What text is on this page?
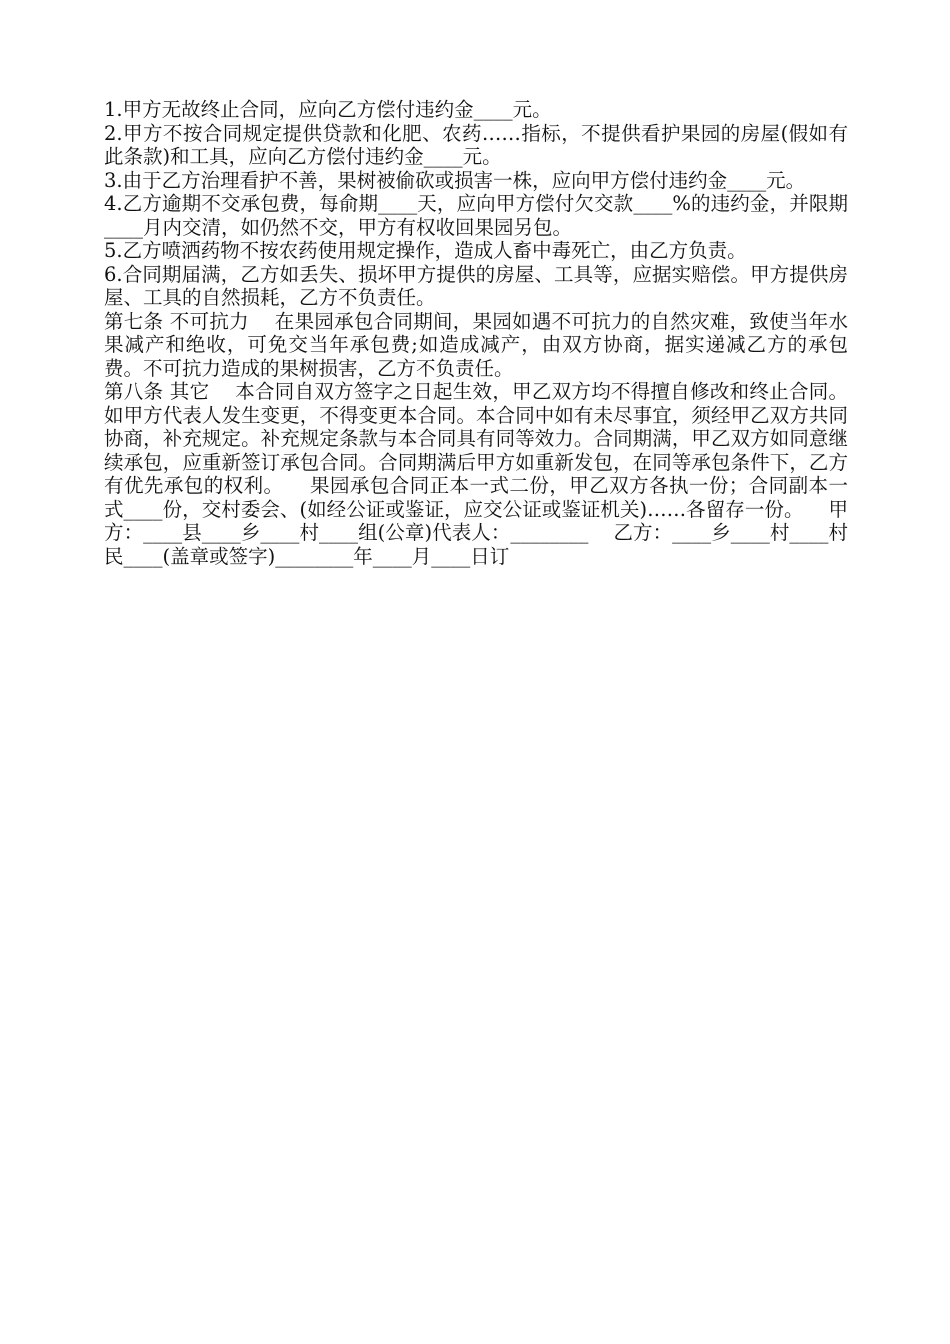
1.甲方无故终止合同，应向乙方偿付违约金____元。

2.甲方不按合同规定提供贷款和化肥、农药……指标，不提供看护果园的房屋(假如有此条款)和工具，应向乙方偿付违约金____元。

3.由于乙方治理看护不善，果树被偷砍或损害一株，应向甲方偿付违约金____元。

4.乙方逾期不交承包费，每俞期____天，应向甲方偿付欠交款____%的违约金，并限期____月内交清，如仍然不交，甲方有权收回果园另包。

5.乙方喷洒药物不按农药使用规定操作，造成人畜中毒死亡，由乙方负责。

6.合同期届满，乙方如丢失、损坏甲方提供的房屋、工具等，应据实赔偿。甲方提供房屋、工具的自然损耗，乙方不负责任。

第七条 不可抗力    在果园承包合同期间，果园如遇不可抗力的自然灾难，致使当年水果减产和绝收，可免交当年承包费;如造成减产，由双方协商，据实递减乙方的承包费。不可抗力造成的果树损害，乙方不负责任。

第八条 其它    本合同自双方签字之日起生效，甲乙双方均不得擅自修改和终止合同。如甲方代表人发生变更，不得变更本合同。本合同中如有未尽事宜，须经甲乙双方共同协商，补充规定。补充规定条款与本合同具有同等效力。合同期满，甲乙双方如同意继续承包，应重新签订承包合同。合同期满后甲方如重新发包，在同等承包条件下，乙方有优先承包的权利。    果园承包合同正本一式二份，甲乙双方各执一份；合同副本一式____份，交村委会、(如经公证或鉴证，应交公证或鉴证机关)……各留存一份。    甲方：____县____乡____村____组(公章)代表人：________    乙方：____乡____村____村民____(盖章或签字)________年____月____日订
